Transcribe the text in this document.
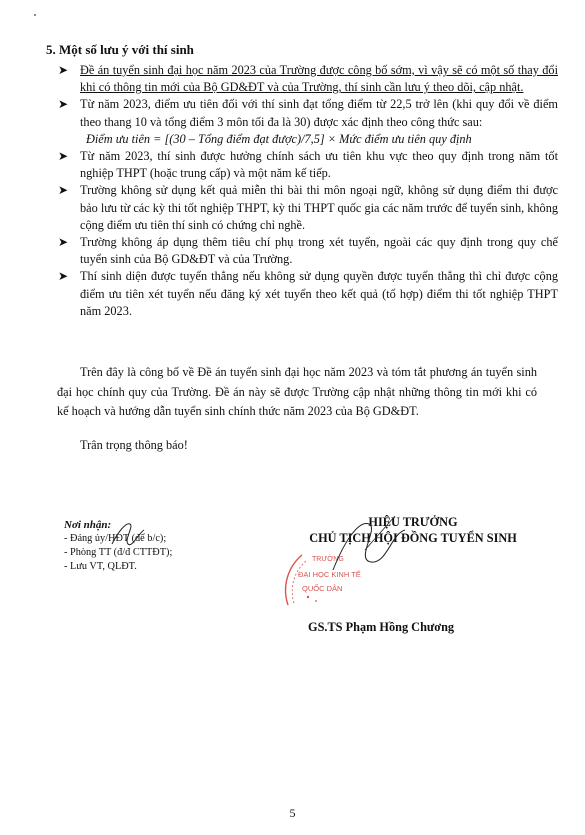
5. Một số lưu ý với thí sinh
➤ Đề án tuyển sinh đại học năm 2023 của Trường được công bố sớm, vì vậy sẽ có một số thay đổi khi có thông tin mới của Bộ GD&ĐT và của Trường, thí sinh cần lưu ý theo dõi, cập nhật.
➤ Từ năm 2023, điểm ưu tiên đối với thí sinh đạt tổng điểm từ 22,5 trở lên (khi quy đổi về điểm theo thang 10 và tổng điểm 3 môn tối đa là 30) được xác định theo công thức sau:
Điểm ưu tiên = [(30 – Tổng điểm đạt được)/7,5] × Mức điểm ưu tiên quy định
➤ Từ năm 2023, thí sinh được hưởng chính sách ưu tiên khu vực theo quy định trong năm tốt nghiệp THPT (hoặc trung cấp) và một năm kế tiếp.
➤ Trường không sử dụng kết quả miễn thi bài thi môn ngoại ngữ, không sử dụng điểm thi được bảo lưu từ các kỳ thi tốt nghiệp THPT, kỳ thi THPT quốc gia các năm trước để tuyển sinh, không cộng điểm ưu tiên thí sinh có chứng chỉ nghề.
➤ Trường không áp dụng thêm tiêu chí phụ trong xét tuyển, ngoài các quy định trong quy chế tuyển sinh của Bộ GD&ĐT và của Trường.
➤ Thí sinh diện được tuyển thẳng nếu không sử dụng quyền được tuyển thẳng thì chỉ được cộng điểm ưu tiên xét tuyển nếu đăng ký xét tuyển theo kết quả (tổ hợp) điểm thi tốt nghiệp THPT năm 2023.
Trên đây là công bố về Đề án tuyển sinh đại học năm 2023 và tóm tắt phương án tuyển sinh đại học chính quy của Trường. Đề án này sẽ được Trường cập nhật những thông tin mới khi có kế hoạch và hướng dẫn tuyển sinh chính thức năm 2023 của Bộ GD&ĐT.
Trân trọng thông báo!
Nơi nhận:
- Đảng ủy/HĐT (để b/c);
- Phòng TT (đ/đ CTTĐT);
- Lưu VT, QLĐT.
HIỆU TRƯỞNG
CHỦ TỊCH HỘI ĐỒNG TUYỂN SINH
TRƯỜNG
ĐẠI HỌC KINH TẾ
QUỐC DÂN
GS.TS Phạm Hồng Chương
5
